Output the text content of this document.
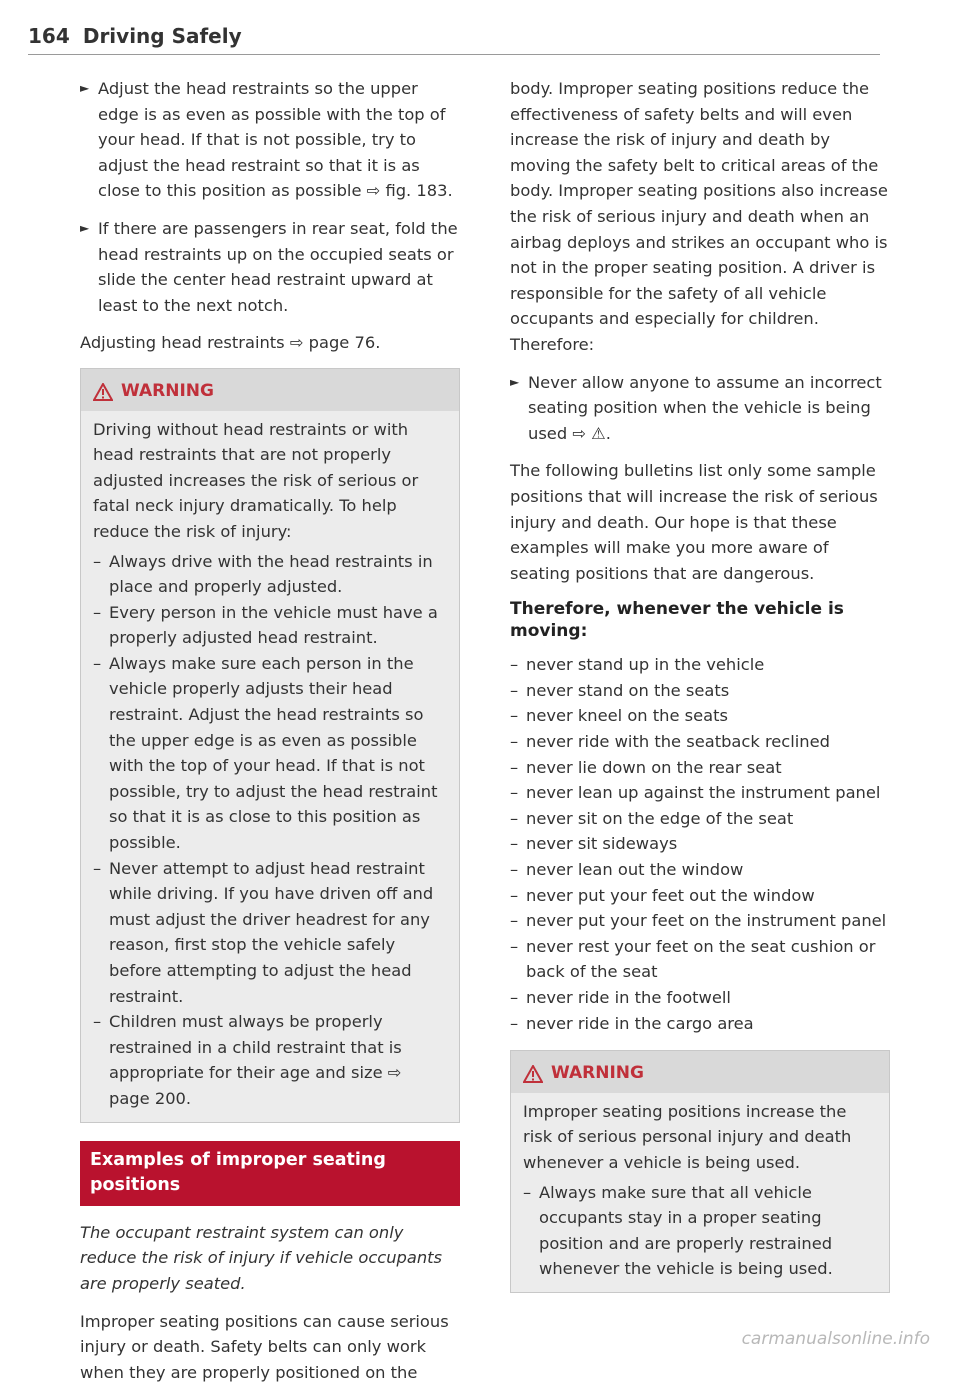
164 Driving Safely

► Adjust the head restraints so the upper edge is as even as possible with the top of your head. If that is not possible, try to adjust the head restraint so that it is as close to this position as possible ⇨ fig. 183.

► If there are passengers in rear seat, fold the head restraints up on the occupied seats or slide the center head restraint upward at least to the next notch.

Adjusting head restraints ⇨ page 76.

WARNING

Driving without head restraints or with head restraints that are not properly adjusted increases the risk of serious or fatal neck injury dramatically. To help reduce the risk of injury:

– Always drive with the head restraints in place and properly adjusted.
– Every person in the vehicle must have a properly adjusted head restraint.
– Always make sure each person in the vehicle properly adjusts their head restraint. Adjust the head restraints so the upper edge is as even as possible with the top of your head. If that is not possible, try to adjust the head restraint so that it is as close to this position as possible.
– Never attempt to adjust head restraint while driving. If you have driven off and must adjust the driver headrest for any reason, first stop the vehicle safely before attempting to adjust the head restraint.
– Children must always be properly restrained in a child restraint that is appropriate for their age and size ⇨ page 200.
Examples of improper seating positions

The occupant restraint system can only reduce the risk of injury if vehicle occupants are properly seated.

Improper seating positions can cause serious injury or death. Safety belts can only work when they are properly positioned on the

body. Improper seating positions reduce the effectiveness of safety belts and will even increase the risk of injury and death by moving the safety belt to critical areas of the body. Improper seating positions also increase the risk of serious injury and death when an airbag deploys and strikes an occupant who is not in the proper seating position. A driver is responsible for the safety of all vehicle occupants and especially for children. Therefore:

► Never allow anyone to assume an incorrect seating position when the vehicle is being used ⇨ ⚠.

The following bulletins list only some sample positions that will increase the risk of serious injury and death. Our hope is that these examples will make you more aware of seating positions that are dangerous.

Therefore, whenever the vehicle is moving:
– never stand up in the vehicle
– never stand on the seats
– never kneel on the seats
– never ride with the seatback reclined
– never lie down on the rear seat
– never lean up against the instrument panel
– never sit on the edge of the seat
– never sit sideways
– never lean out the window
– never put your feet out the window
– never put your feet on the instrument panel
– never rest your feet on the seat cushion or back of the seat
– never ride in the footwell
– never ride in the cargo area
WARNING

Improper seating positions increase the risk of serious personal injury and death whenever a vehicle is being used.

– Always make sure that all vehicle occupants stay in a proper seating position and are properly restrained whenever the vehicle is being used.
carmanualsonline.info
